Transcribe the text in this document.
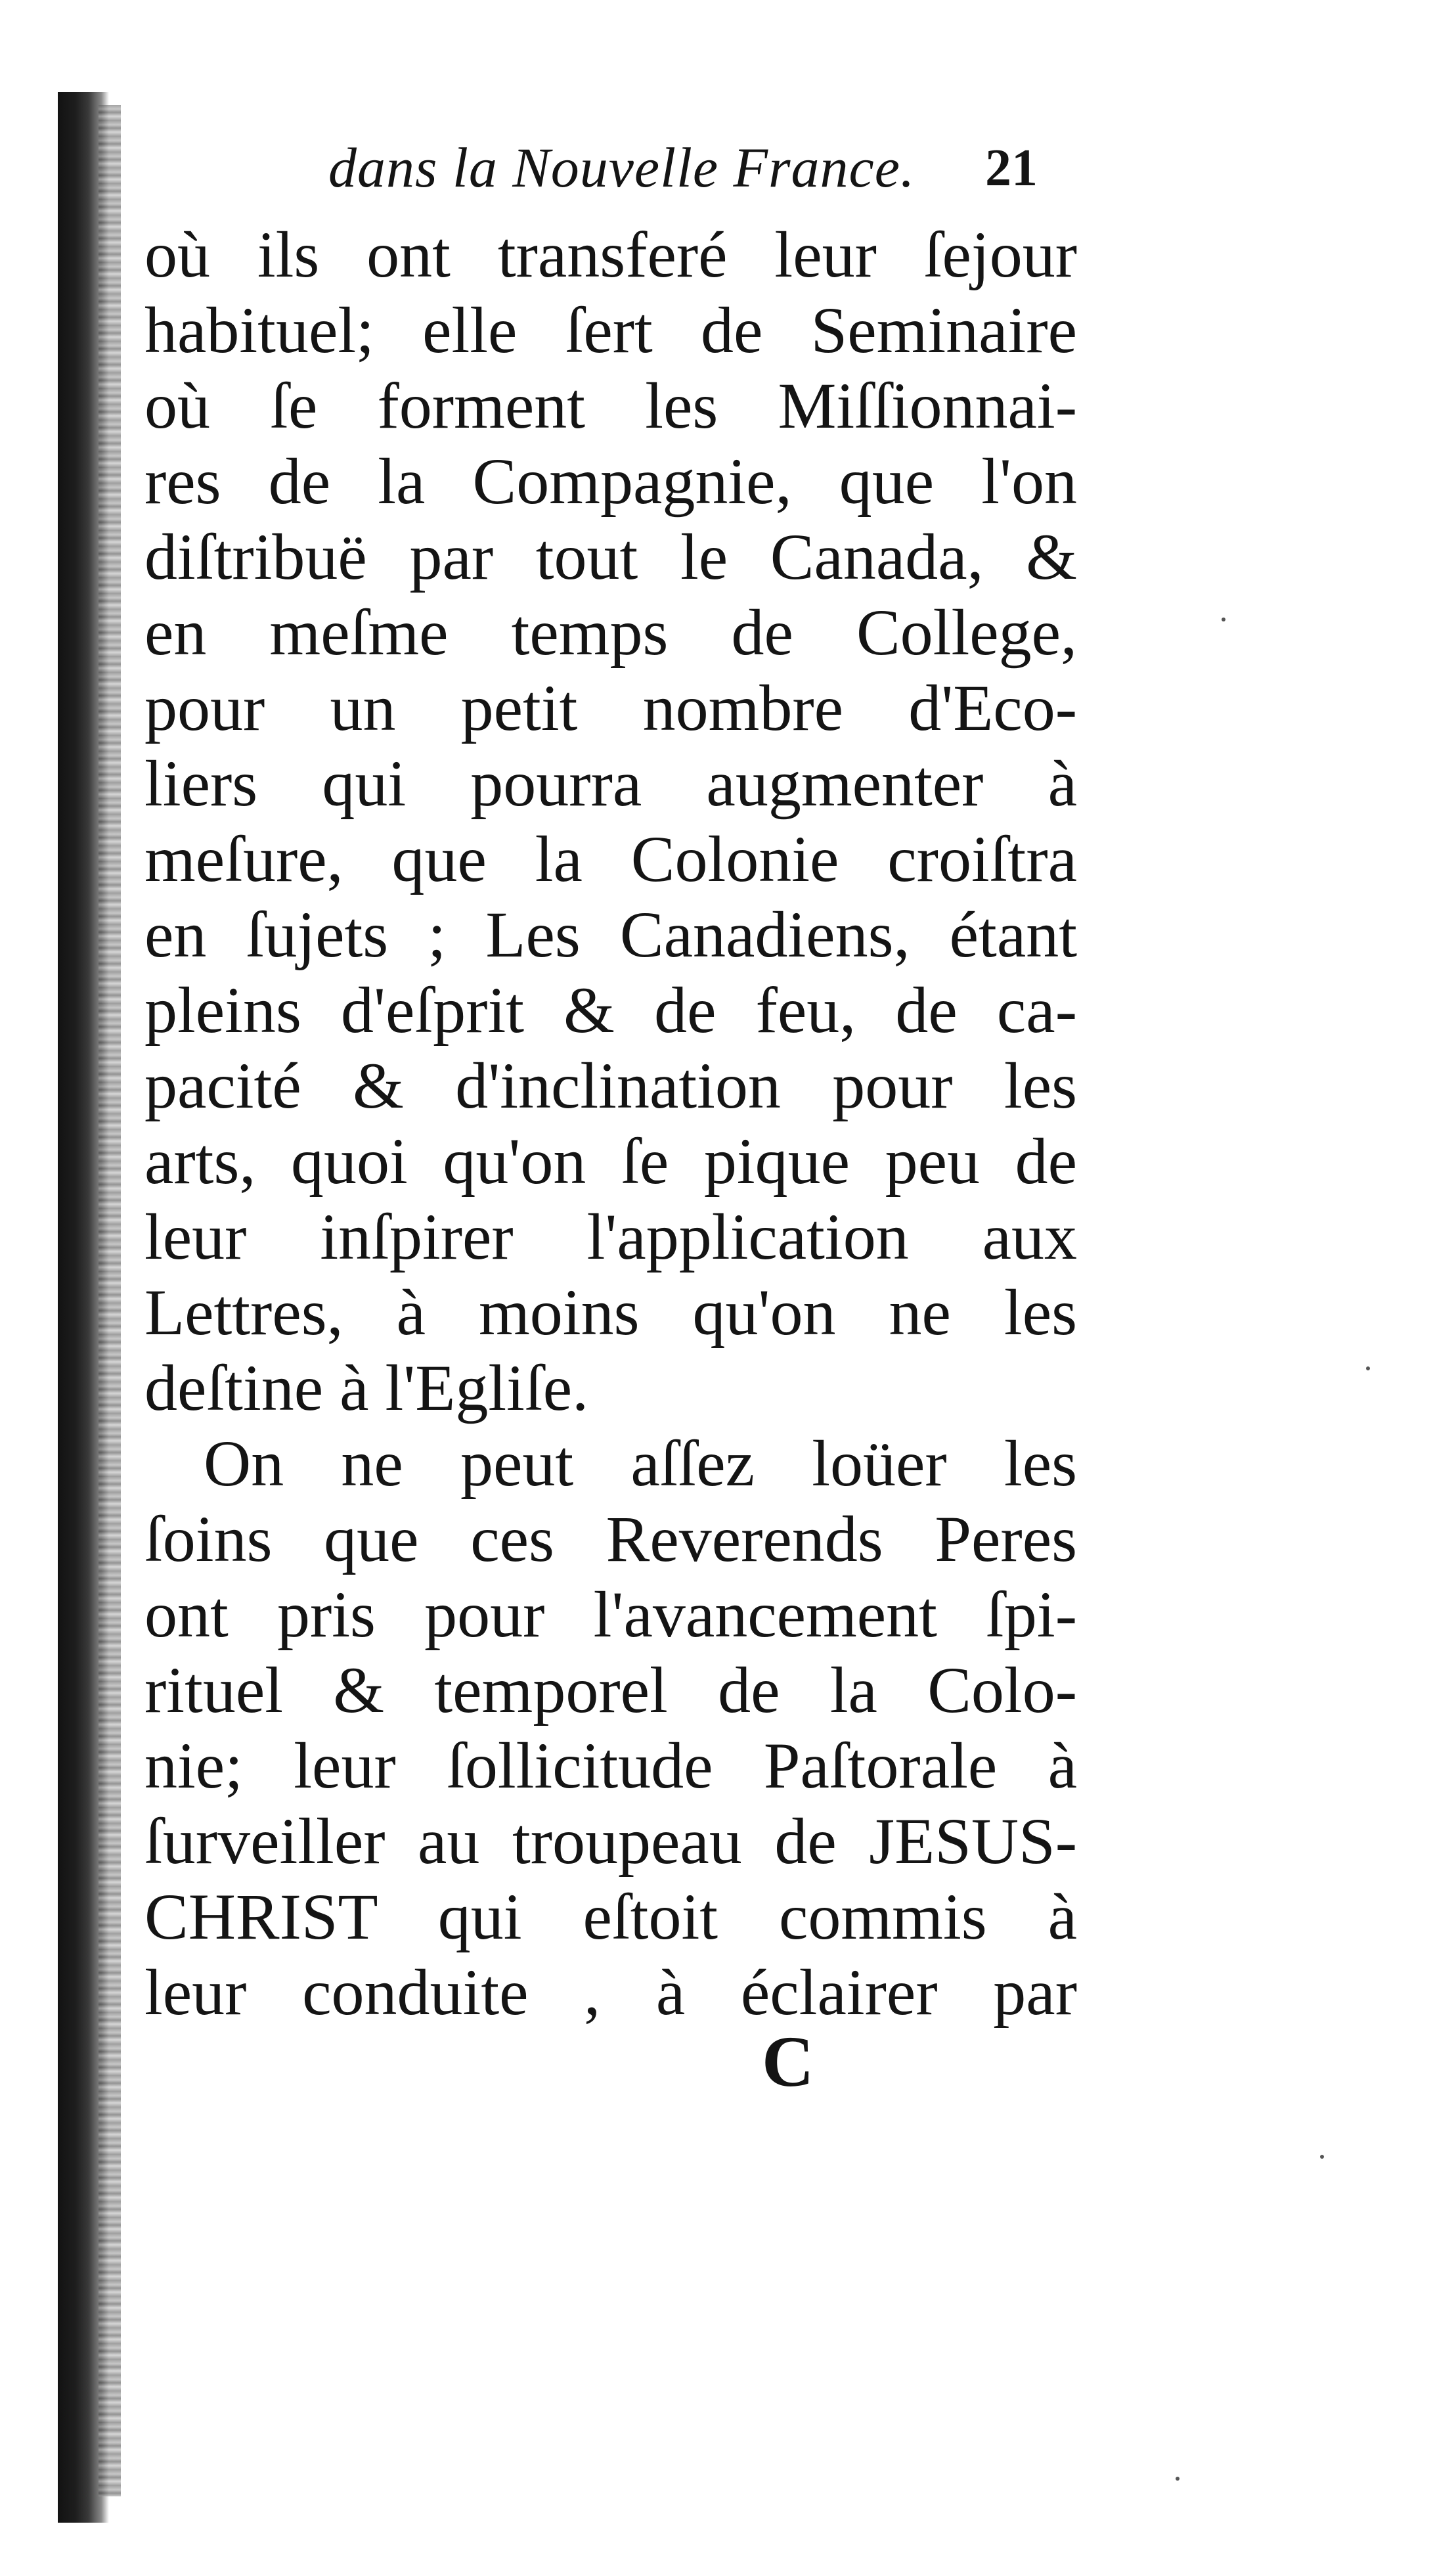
dans la Nouvelle France. 21
où ils ont transferé leur ſejour
habituel; elle ſert de Seminaire
où ſe forment les Miſſionnai-
res de la Compagnie, que l'on
diſtribuë par tout le Canada, &
en meſme temps de College,
pour un petit nombre d'Eco-
liers qui pourra augmenter à
meſure, que la Colonie croiſtra
en ſujets ; Les Canadiens, étant
pleins d'eſprit & de feu, de ca-
pacité & d'inclination pour les
arts, quoi qu'on ſe pique peu de
leur inſpirer l'application aux
Lettres, à moins qu'on ne les
deſtine à l'Egliſe.
On ne peut aſſez loüer les
ſoins que ces Reverends Peres
ont pris pour l'avancement ſpi-
rituel & temporel de la Colo-
nie; leur ſollicitude Paſtorale à
ſurveiller au troupeau de JESUS-
CHRIST qui eſtoit commis à
leur conduite , à éclairer par
C
